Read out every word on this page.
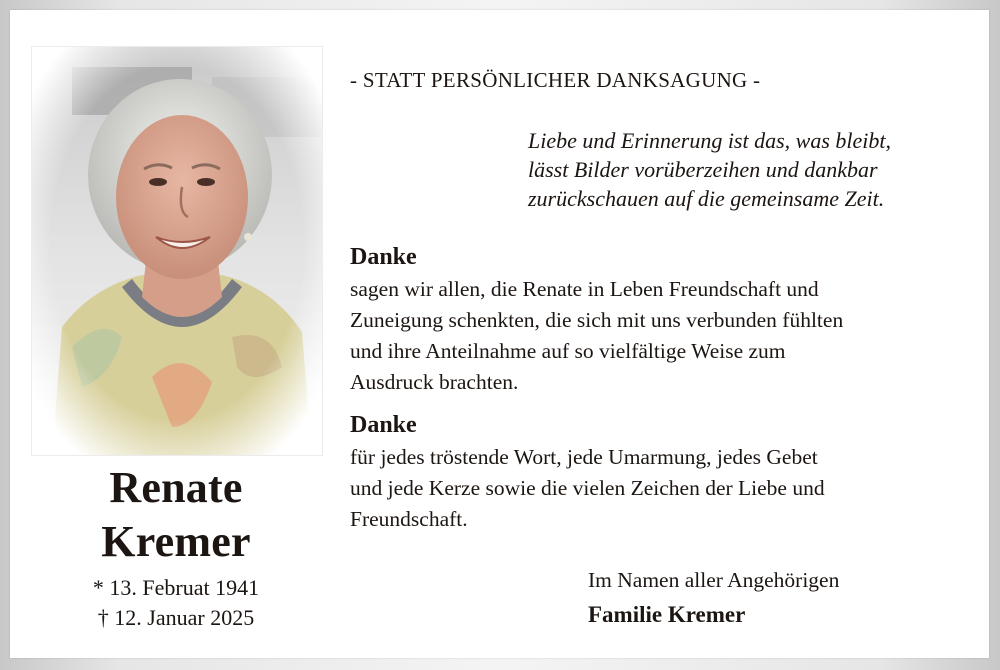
Renate
Kremer
* 13. Februat 1941
† 12. Januar 2025
- STATT PERSÖNLICHER DANKSAGUNG -
Liebe und Erinnerung ist das, was bleibt,
lässt Bilder vorüberzeihen und dankbar
zurückschauen auf die gemeinsame Zeit.
Danke
sagen wir allen, die Renate in Leben Freundschaft und
Zuneigung schenkten, die sich mit uns verbunden fühlten
und ihre Anteilnahme auf so vielfältige Weise zum
Ausdruck brachten.
Danke
für jedes tröstende Wort, jede Umarmung, jedes Gebet
und jede Kerze sowie die vielen Zeichen der Liebe und
Freundschaft.
Im Namen aller Angehörigen
Familie Kremer
